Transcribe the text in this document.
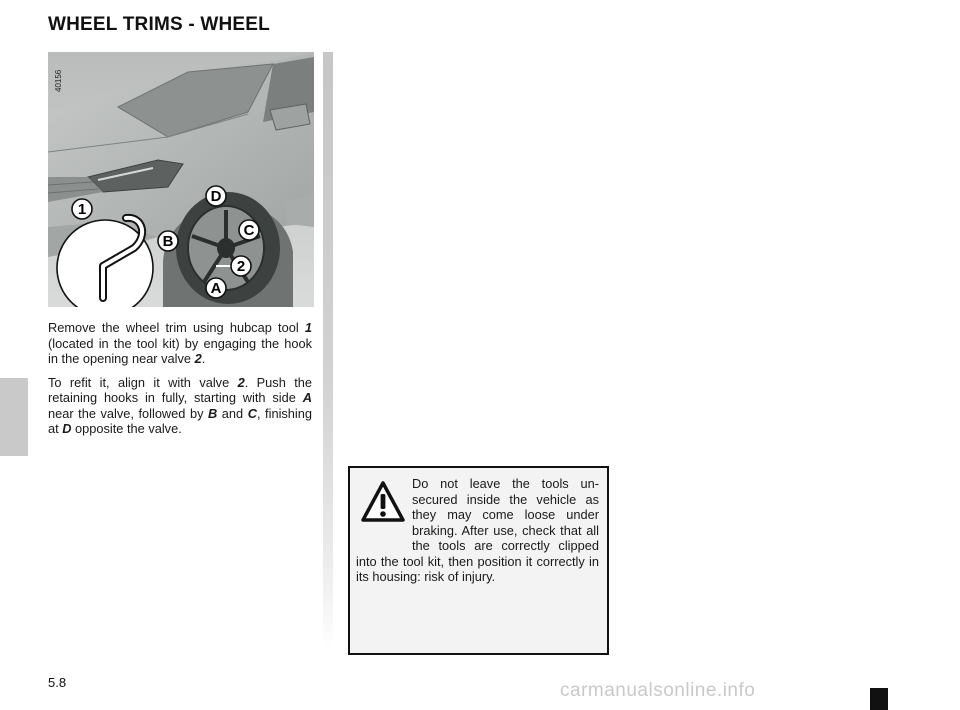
WHEEL TRIMS - WHEEL
1
D
B
C
2
A
40156

Remove the wheel trim using hubcap tool 1 (located in the tool kit) by engaging the hook in the opening near valve 2.

To refit it, align it with valve 2. Push the retaining hooks in fully, starting with side A near the valve, followed by B and C, finishing at D opposite the valve.

Do not leave the tools unsecured inside the vehicle as they may come loose under braking. After use, check that all the tools are correctly clipped into the tool kit, then position it correctly in its housing: risk of injury.
5.8	carmanualsonline.info
